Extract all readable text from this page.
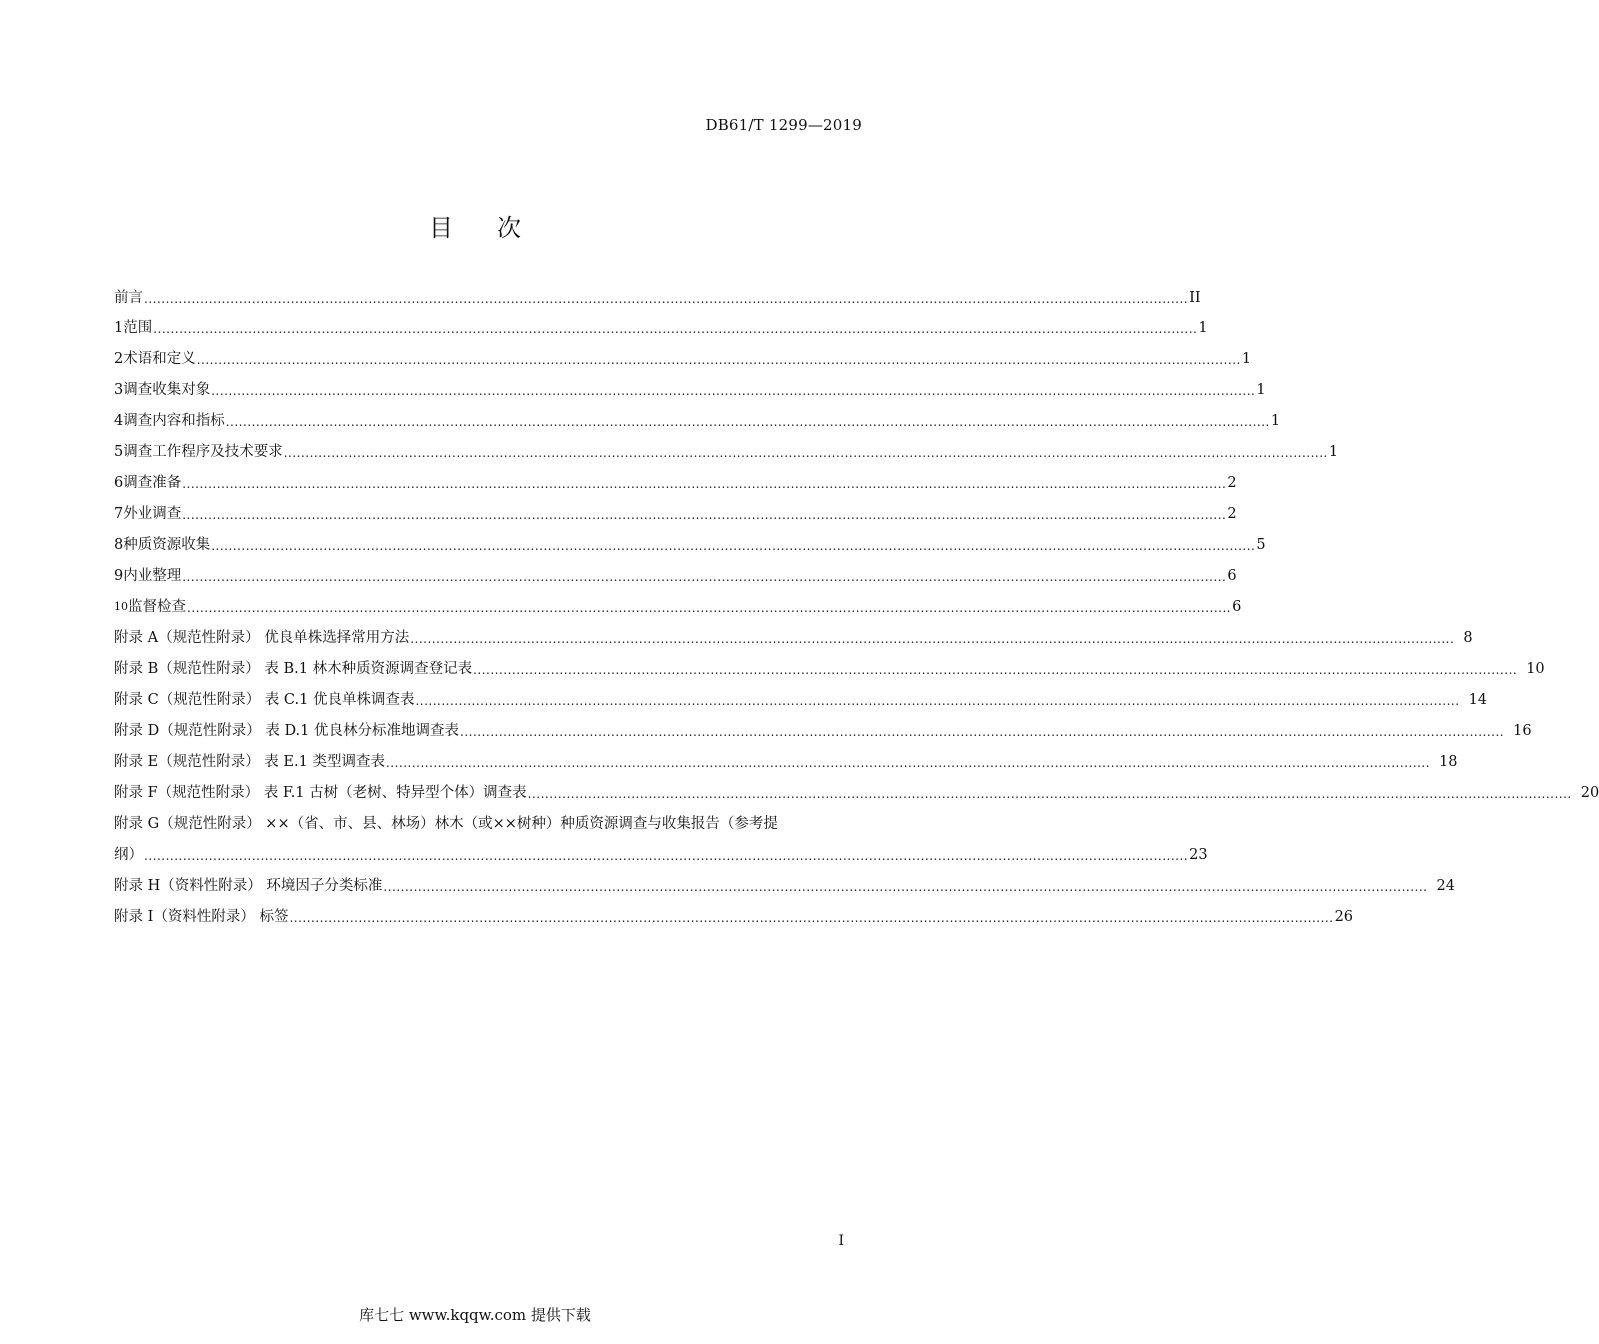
DB61/T 1299—2019
目 次
前 言 .................................................................................................................................................................................................................................................. II
1 范围 .................................................................................................................................................................................................................................................. 1
2 术语和定义 .................................................................................................................................................................................................................................................. 1
3 调查收集对象 .................................................................................................................................................................................................................................................. 1
4 调查内容和指标 .................................................................................................................................................................................................................................................. 1
5 调查工作程序及技术要求 .................................................................................................................................................................................................................................................. 1
6 调查准备 .................................................................................................................................................................................................................................................. 2
7 外业调查 .................................................................................................................................................................................................................................................. 2
8 种质资源收集 .................................................................................................................................................................................................................................................. 5
9 内业整理 .................................................................................................................................................................................................................................................. 6
10 监督检查 .................................................................................................................................................................................................................................................. 6
附录 A（规范性附录） 优良单株选择常用方法 .................................................................................................................................................................................................................................................. 8
附录 B（规范性附录） 表 B.1 林木种质资源调查登记表 .................................................................................................................................................................................................................................................. 10
附录 C（规范性附录） 表 C.1 优良单株调查表 .................................................................................................................................................................................................................................................. 14
附录 D（规范性附录） 表 D.1 优良林分标准地调查表 .................................................................................................................................................................................................................................................. 16
附录 E（规范性附录） 表 E.1 类型调查表 .................................................................................................................................................................................................................................................. 18
附录 F（规范性附录） 表 F.1 古树（老树、特异型个体）调查表 .................................................................................................................................................................................................................................................. 20
附录 G（规范性附录） ××（省、市、县、林场）林木（或××树种）种质资源调查与收集报告（参考提
纲） .................................................................................................................................................................................................................................................. 23
附录 H（资料性附录） 环境因子分类标准 .................................................................................................................................................................................................................................................. 24
附录 I（资料性附录） 标签 .................................................................................................................................................................................................................................................. 26
I
库七七 www.kqqw.com 提供下载
